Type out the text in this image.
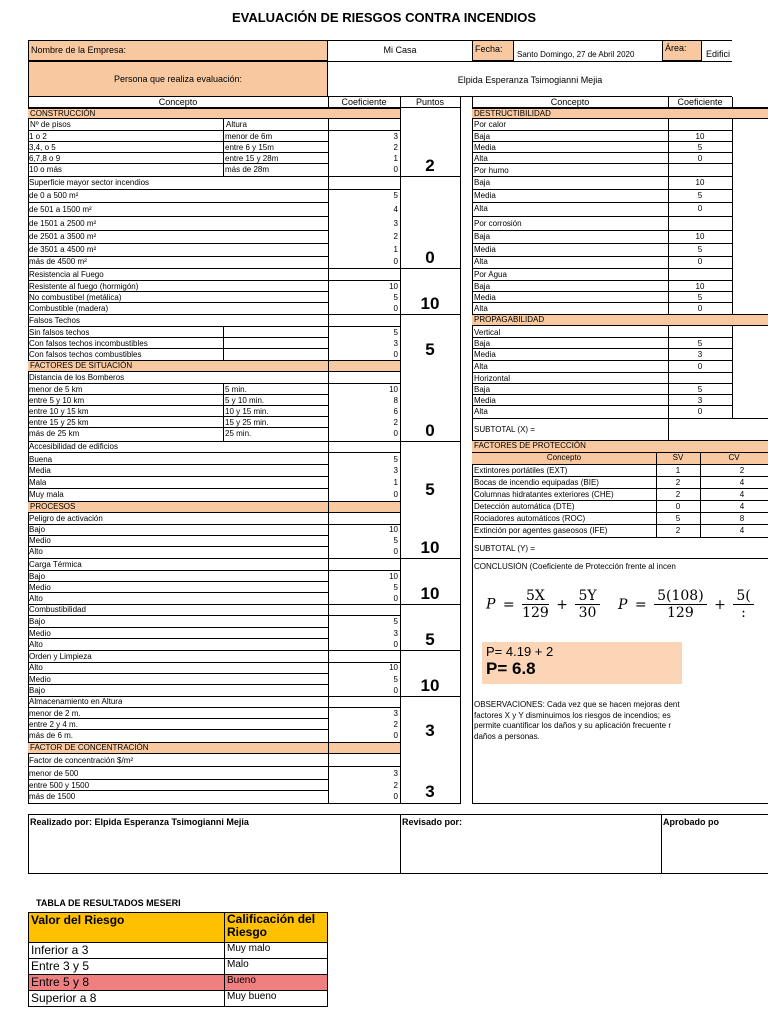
EVALUACIÓN DE RIESGOS CONTRA INCENDIOS
Nombre de la Empresa:	Mi Casa	Fecha:
Santo Domingo, 27 de Abril 2020
Área:
Edifici
Persona que realiza evaluación:	Elpida Esperanza Tsimogianni Mejia
Concepto	Coeficiente	Puntos	Concepto	Coeficiente
CONSTRUCCIÓN
Nº de pisos	Altura
1 o 2	menor de 6m	3
3,4, o 5	entre 6 y 15m	2
6,7,8 o 9	entre 15 y 28m	1
10 o más	más de 28m	0	2
Superficie mayor sector incendios
de 0 a 500 m²	5
de 501 a 1500 m²	4
de 1501 a 2500 m²	3
de 2501 a 3500 m²	2
de 3501 a 4500 m²	1
más de 4500 m²	0	0
Resistencia al Fuego
Resistente al fuego (hormigón)	10
No combustibel (metálica)	5
Combustible (madera)	0	10
Falsos Techos
Sin falsos techos	5
Con falsos techos incombustibles	3
Con falsos techos combustibles	0	5
FACTORES DE SITUACIÓN
Distancia de los Bomberos
menor de 5 km	5 min.	10
entre 5 y 10 km	5 y 10 min.	8
entre 10 y 15 km	10 y 15 min.	6
entre 15 y 25 km	15 y 25 min.	2
más de 25 km	25 min.	0	0
Accesibilidad de edificios
Buena	5
Media	3
Mala	1
Muy mala	0	5
PROCESOS
Peligro de activación
Bajo	10
Medio	5
Alto	0	10
Carga Térmica
Bajo	10
Medio	5
Alto	0	10
Combustibilidad
Bajo	5
Medio	3
Alto	0	5
Orden y Limpieza
Alto	10
Medio	5
Bajo	0	10
Almacenamiento en Altura
menor de 2 m.	3
entre 2 y 4 m.	2
más de 6 m.	0	3
FACTOR DE CONCENTRACIÓN
Factor de concentración $/m²
menor de 500	3
entre 500 y 1500	2
más de 1500	0	3
DESTRUCTIBILIDAD
Por calor
Baja	10
Media	5
Alta	0
Por humo
Baja	10
Media	5
Alta	0
Por corrosión
Baja	10
Media	5
Alta	0
Por Agua
Baja	10
Media	5
Alta	0
PROPAGABILIDAD
Vertical
Baja	5
Media	3
Alta	0
Horizontal
Baja	5
Media	3
Alta	0
SUBTOTAL (X) =
FACTORES DE PROTECCIÓN
Concepto	SV	CV
Extintores portátiles (EXT)	1	2
Bocas de incendio equipadas (BIE)	2	4
Columnas hidratantes exteriores (CHE)	2	4
Detección automática (DTE)	0	4
Rociadores automáticos (ROC)	5	8
Extinción por agentes gaseosos (IFE)	2	4
SUBTOTAL (Y) =
CONCLUSIÓN (Coeficiente de Protección frente al incen
$P = \frac{5X}{129} + \frac{5Y}{30}$ $P = \frac{5(108)}{129} + \frac{5(}{:}$
P= 4.19 + 2
P= 6.8
OBSERVACIONES: Cada vez que se hacen mejoras dent
factores X y Y disminuimos los riesgos de incendios; es
permite cuantificar los daños y su aplicación frecuente r
daños a personas.
Realizado por: Elpida Esperanza Tsimogianni Mejia	Revisado por:	Aprobado po
TABLA DE RESULTADOS MESERI
Valor del Riesgo	Calificación del Riesgo
Inferior a 3	Muy malo
Entre 3 y 5	Malo
Entre 5 y 8	Bueno
Superior a 8	Muy bueno
